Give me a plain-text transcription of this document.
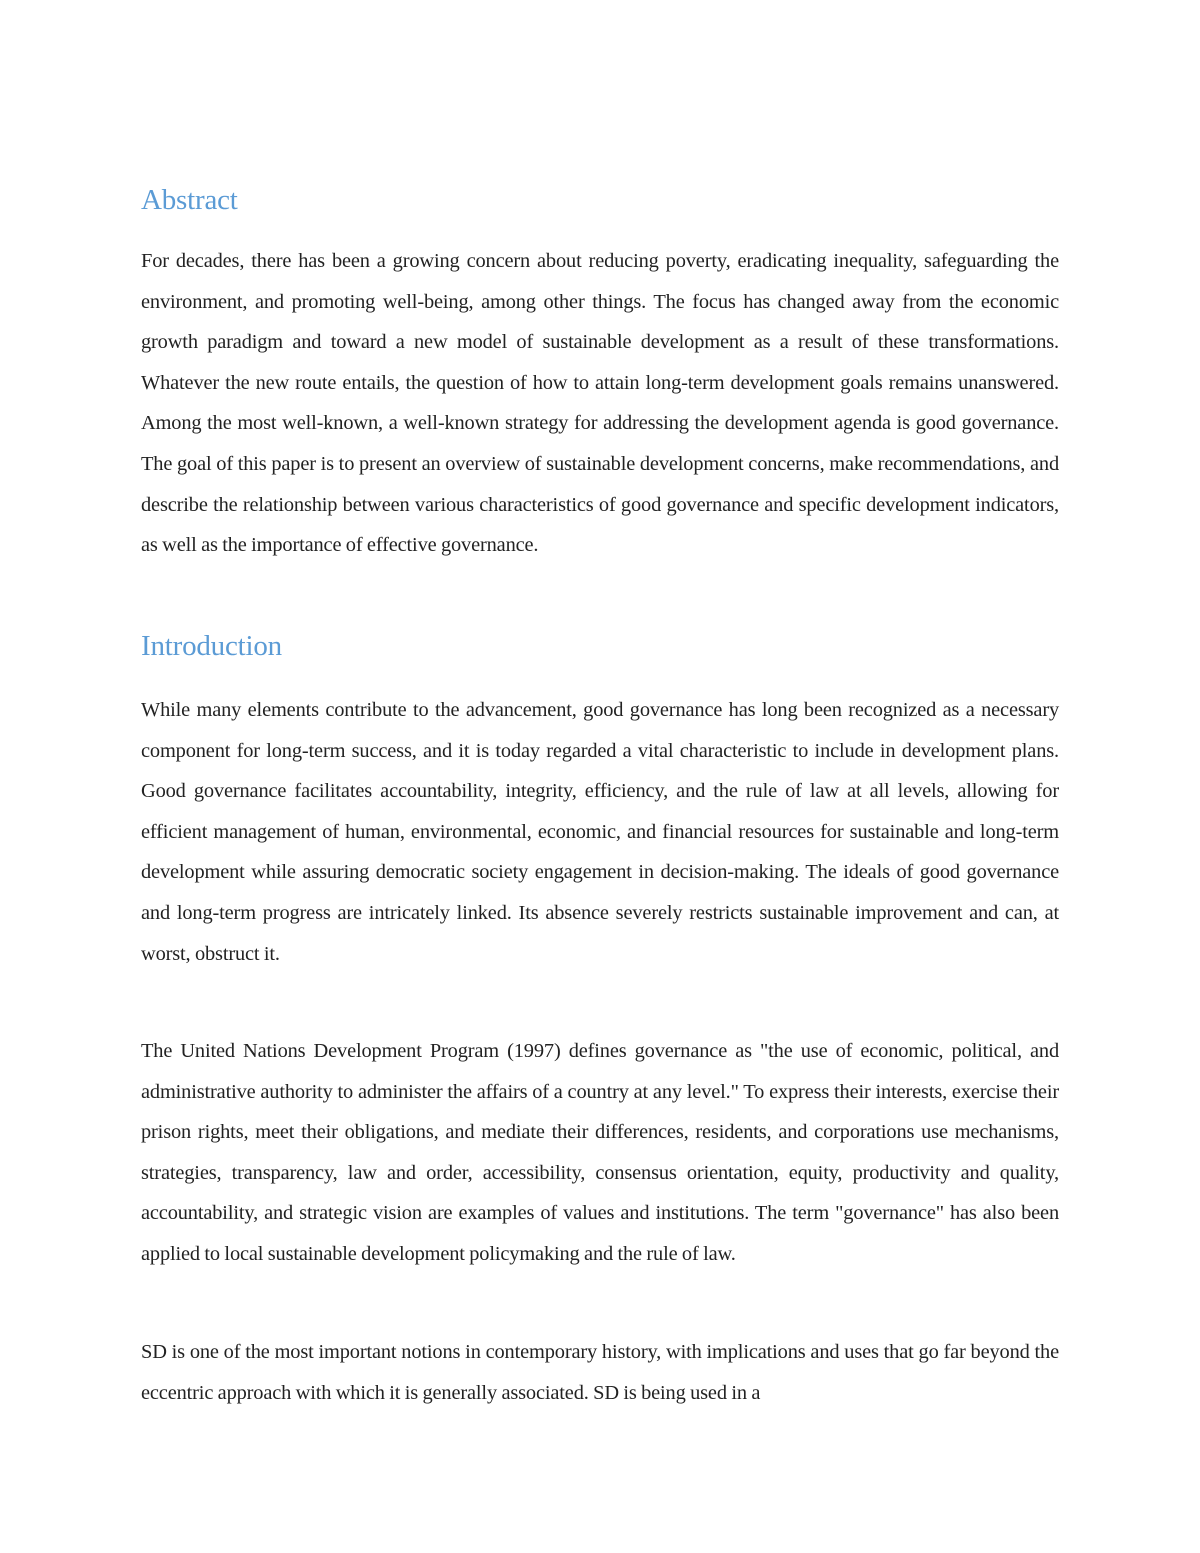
Abstract

For decades, there has been a growing concern about reducing poverty, eradicating inequality, safeguarding the environment, and promoting well-being, among other things. The focus has changed away from the economic growth paradigm and toward a new model of sustainable development as a result of these transformations. Whatever the new route entails, the question of how to attain long-term development goals remains unanswered. Among the most well-known, a well-known strategy for addressing the development agenda is good governance. The goal of this paper is to present an overview of sustainable development concerns, make recommendations, and describe the relationship between various characteristics of good governance and specific development indicators, as well as the importance of effective governance.

Introduction

While many elements contribute to the advancement, good governance has long been recognized as a necessary component for long-term success, and it is today regarded a vital characteristic to include in development plans. Good governance facilitates accountability, integrity, efficiency, and the rule of law at all levels, allowing for efficient management of human, environmental, economic, and financial resources for sustainable and long-term development while assuring democratic society engagement in decision-making. The ideals of good governance and long-term progress are intricately linked. Its absence severely restricts sustainable improvement and can, at worst, obstruct it.

The United Nations Development Program (1997) defines governance as "the use of economic, political, and administrative authority to administer the affairs of a country at any level." To express their interests, exercise their prison rights, meet their obligations, and mediate their differences, residents, and corporations use mechanisms, strategies, transparency, law and order, accessibility, consensus orientation, equity, productivity and quality, accountability, and strategic vision are examples of values and institutions. The term "governance" has also been applied to local sustainable development policymaking and the rule of law.

SD is one of the most important notions in contemporary history, with implications and uses that go far beyond the eccentric approach with which it is generally associated. SD is being used in a
